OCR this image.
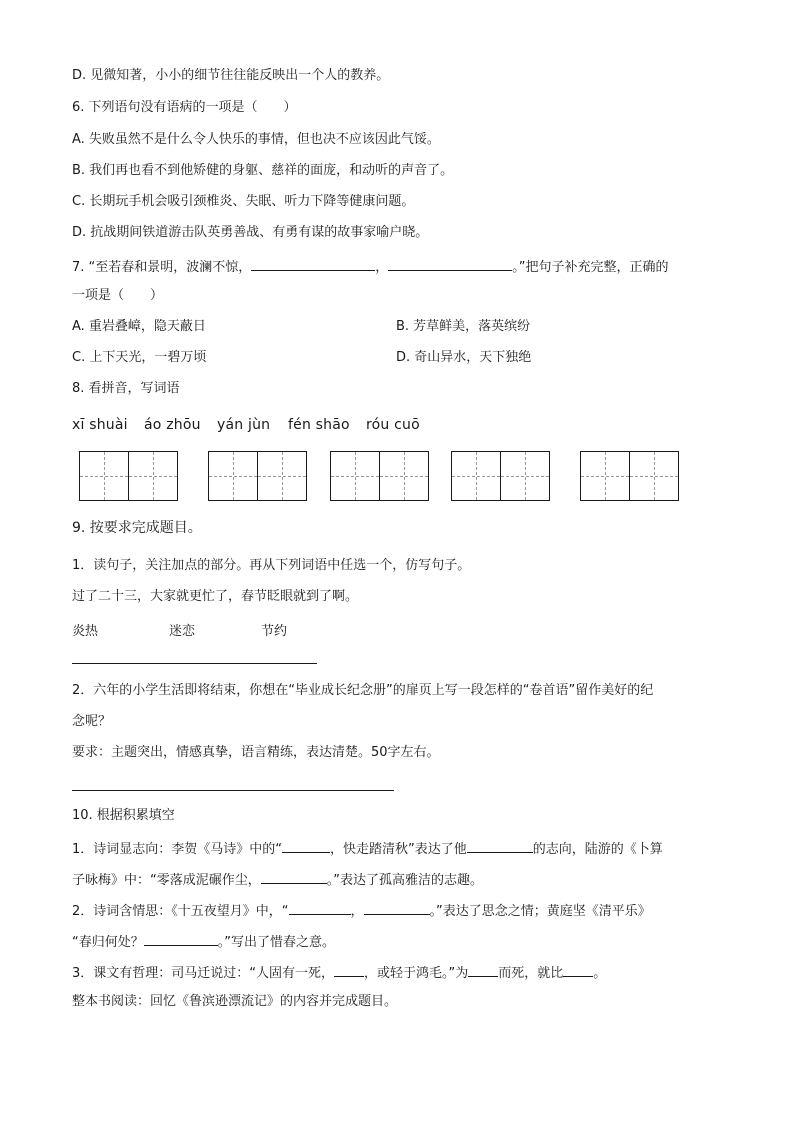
D. 见微知著，小小的细节往往能反映出一个人的教养。
6. 下列语句没有语病的一项是（　　）
A. 失败虽然不是什么令人快乐的事情，但也决不应该因此气馁。
B. 我们再也看不到他矫健的身躯、慈祥的面庞，和动听的声音了。
C. 长期玩手机会吸引颈椎炎、失眠、听力下降等健康问题。
D. 抗战期间铁道游击队英勇善战、有勇有谋的故事家喻户晓。
7. “至若春和景明，波澜不惊，	，	。”把句子补充完整，正确的
一项是（　　）
A. 重岩叠嶂，隐天蔽日	B. 芳草鲜美，落英缤纷
C. 上下天光，一碧万顷	D. 奇山异水，天下独绝
8. 看拼音，写词语
xī shuài áo zhōu yán jùn fén shāo róu cuō
9. 按要求完成题目。
1．读句子，关注加点的部分。再从下列词语中任选一个，仿写句子。
过了二十三，大家就更忙了，春节眨眼就到了啊。
炎热	迷恋	节约
2．六年的小学生活即将结束，你想在“毕业成长纪念册”的扉页上写一段怎样的“卷首语”留作美好的纪
念呢？
要求：主题突出，情感真挚，语言精练，表达清楚。50字左右。
10. 根据积累填空
1．诗词显志向：李贺《马诗》中的“	，快走踏清秋”表达了他	的志向，陆游的《卜算
子咏梅》中：“零落成泥碾作尘，	。”表达了孤高雅洁的志趣。
2．诗词含情思：《十五夜望月》中，“	，	。”表达了思念之情；黄庭坚《清平乐》
“春归何处？	。”写出了惜春之意。
3．课文有哲理：司马迁说过：“人固有一死， ，或轻于鸿毛。”为 而死，就比 。
整本书阅读：回忆《鲁滨逊漂流记》的内容并完成题目。
